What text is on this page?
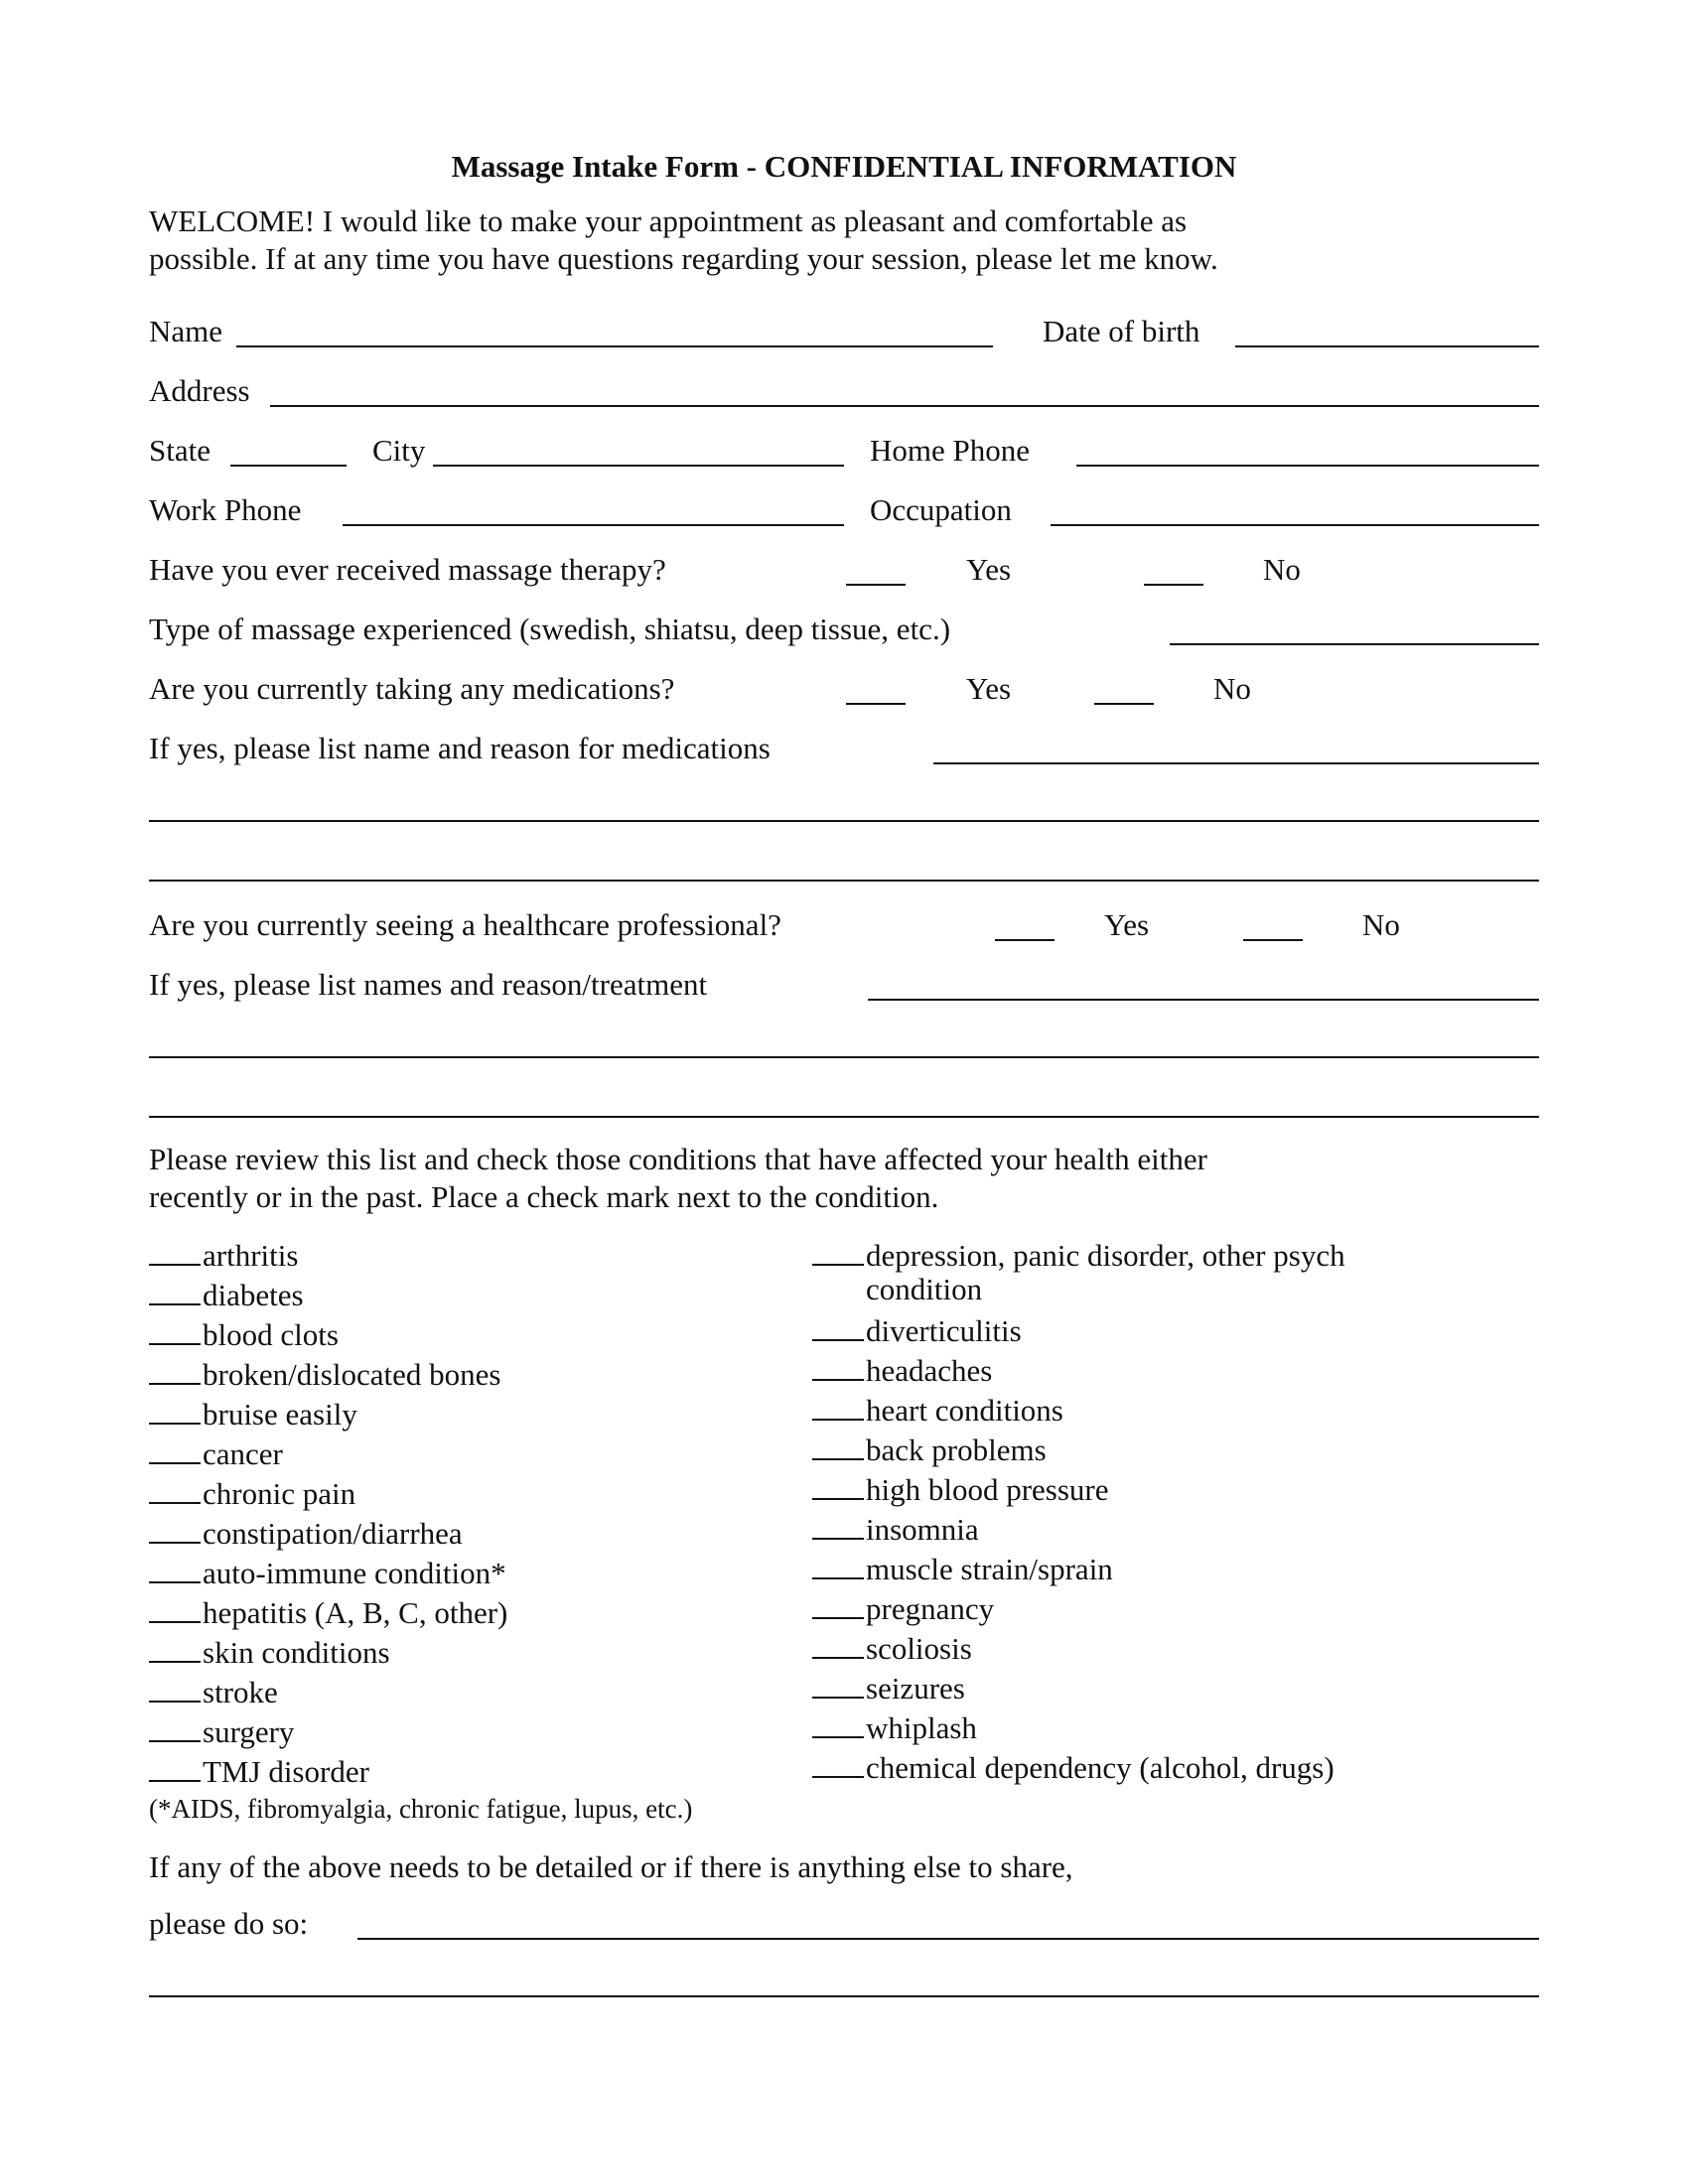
Massage Intake Form - CONFIDENTIAL INFORMATION
WELCOME! I would like to make your appointment as pleasant and comfortable as
possible. If at any time you have questions regarding your session, please let me know.
Name	Date of birth
Address
State	City	Home Phone
Work Phone	Occupation
Have you ever received massage therapy?	Yes	No
Type of massage experienced (swedish, shiatsu, deep tissue, etc.)
Are you currently taking any medications?	Yes	No
If yes, please list name and reason for medications
Are you currently seeing a healthcare professional?	Yes	No
If yes, please list names and reason/treatment
Please review this list and check those conditions that have affected your health either
recently or in the past. Place a check mark next to the condition.
arthritis
diabetes
blood clots
broken/dislocated bones
bruise easily
cancer
chronic pain
constipation/diarrhea
auto-immune condition*
hepatitis (A, B, C, other)
skin conditions
stroke
surgery
TMJ disorder
depression, panic disorder, other psych
condition
diverticulitis
headaches
heart conditions
back problems
high blood pressure
insomnia
muscle strain/sprain
pregnancy
scoliosis
seizures
whiplash
chemical dependency (alcohol, drugs)
(*AIDS, fibromyalgia, chronic fatigue, lupus, etc.)
If any of the above needs to be detailed or if there is anything else to share,
please do so:
